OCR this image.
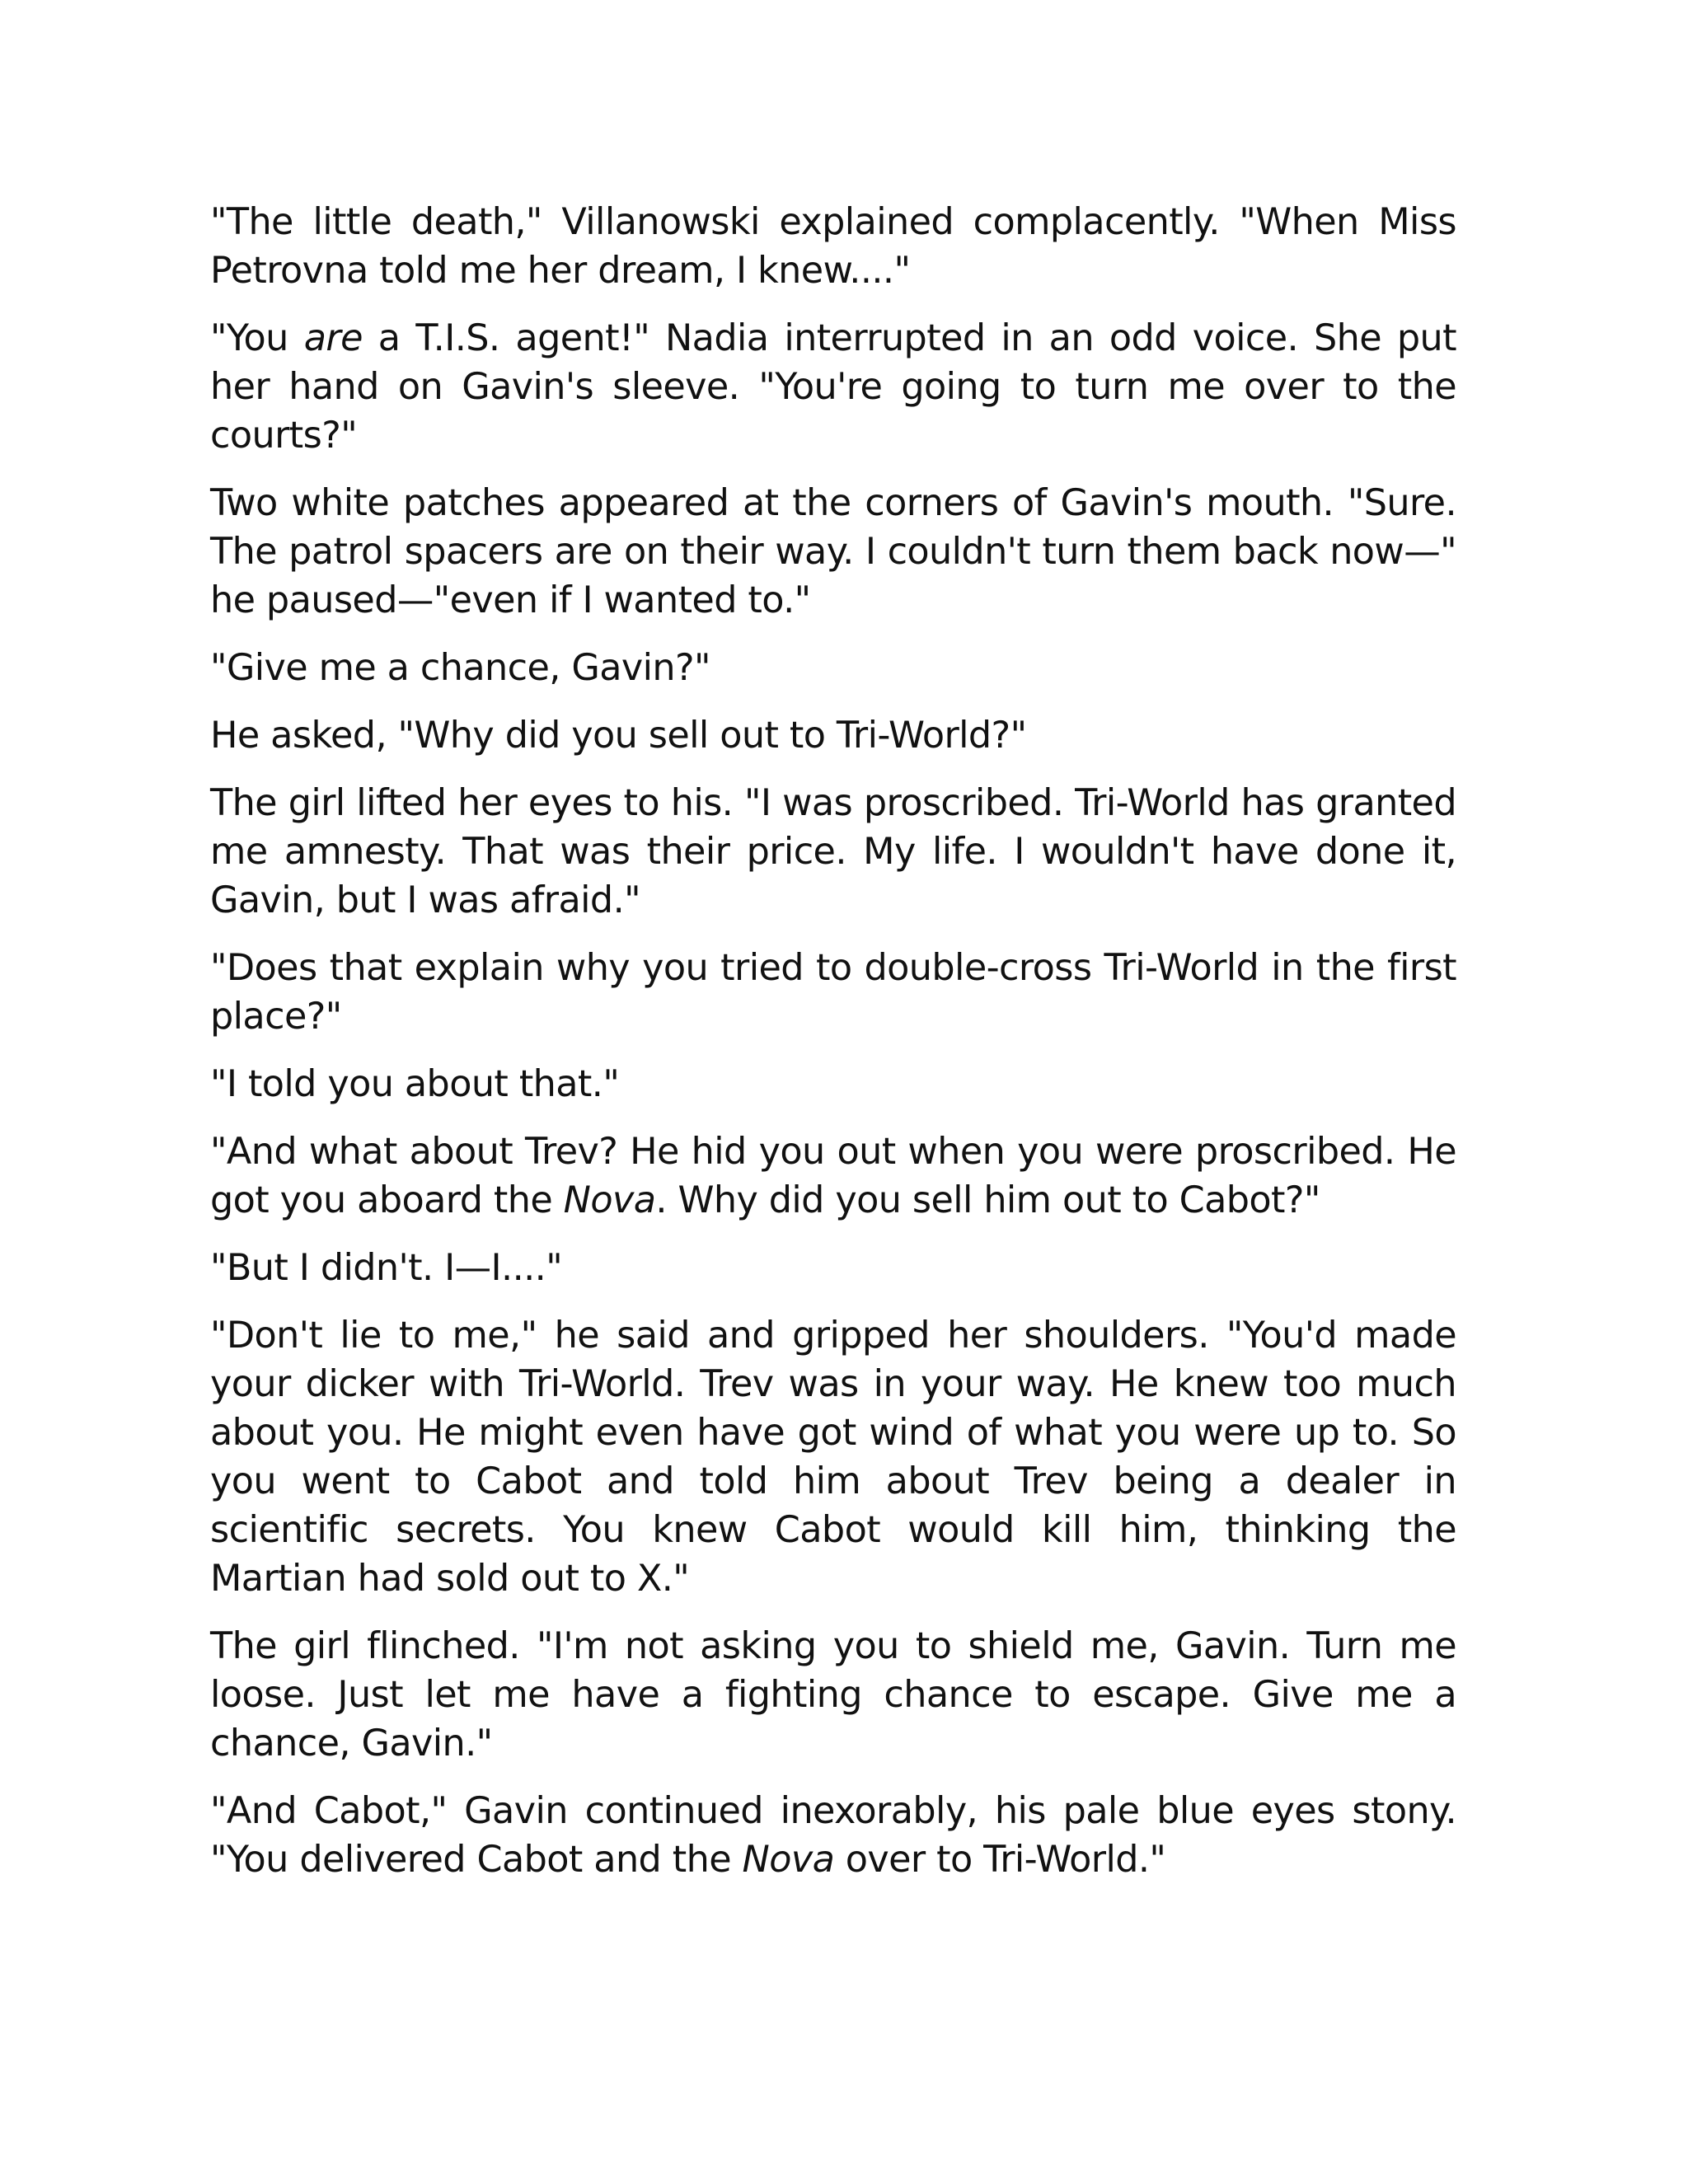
"The little death," Villanowski explained complacently. "When Miss Petrovna told me her dream, I knew...."

"You are a T.I.S. agent!" Nadia interrupted in an odd voice. She put her hand on Gavin's sleeve. "You're going to turn me over to the courts?"

Two white patches appeared at the corners of Gavin's mouth. "Sure. The patrol spacers are on their way. I couldn't turn them back now—" he paused—"even if I wanted to."

"Give me a chance, Gavin?"

He asked, "Why did you sell out to Tri-World?"

The girl lifted her eyes to his. "I was proscribed. Tri-World has granted me amnesty. That was their price. My life. I wouldn't have done it, Gavin, but I was afraid."

"Does that explain why you tried to double-cross Tri-World in the first place?"

"I told you about that."

"And what about Trev? He hid you out when you were proscribed. He got you aboard the Nova. Why did you sell him out to Cabot?"

"But I didn't. I—I...."

"Don't lie to me," he said and gripped her shoulders. "You'd made your dicker with Tri-World. Trev was in your way. He knew too much about you. He might even have got wind of what you were up to. So you went to Cabot and told him about Trev being a dealer in scientific secrets. You knew Cabot would kill him, thinking the Martian had sold out to X."

The girl flinched. "I'm not asking you to shield me, Gavin. Turn me loose. Just let me have a fighting chance to escape. Give me a chance, Gavin."

"And Cabot," Gavin continued inexorably, his pale blue eyes stony. "You delivered Cabot and the Nova over to Tri-World."
